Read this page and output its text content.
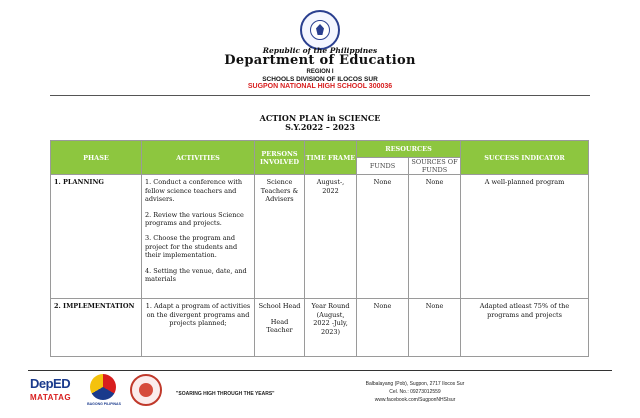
Republic of the Philippines
Department of Education
REGION I
SCHOOLS DIVISION OF ILOCOS SUR
SUGPON NATIONAL HIGH SCHOOL 300036
ACTION PLAN in SCIENCE
S.Y.2022 – 2023
PHASE	ACTIVITIES	PERSONS INVOLVED	TIME FRAME	RESOURCES		SUCCESS INDICATOR
				FUNDS	SOURCES OF FUNDS	
1. PLANNING	1. Conduct a conference with fellow science teachers and advisers.

2. Review the various Science programs and projects.

3. Choose the program and project for the students and their implementation.

4. Setting the venue, date, and materials	Science Teachers & Advisers	August-, 2022	None	None	A well-planned program
2. IMPLEMENTATION	1. Adapt a program of activities on the divergent programs and projects planned;	School Head

Head Teacher	Year Round (August, 2022 -July, 2023)	None	None	Adapted atleast 75% of the programs and projects
DepED
MATATAG
BAGONG PILIPINAS
"SOARING HIGH THROUGH THE YEARS"
Balbalayang (Pob), Sugpon, 2717 Ilocos Sur
Cel. No.: 09273012559
www.facebook.com/SugponNHSIsur
